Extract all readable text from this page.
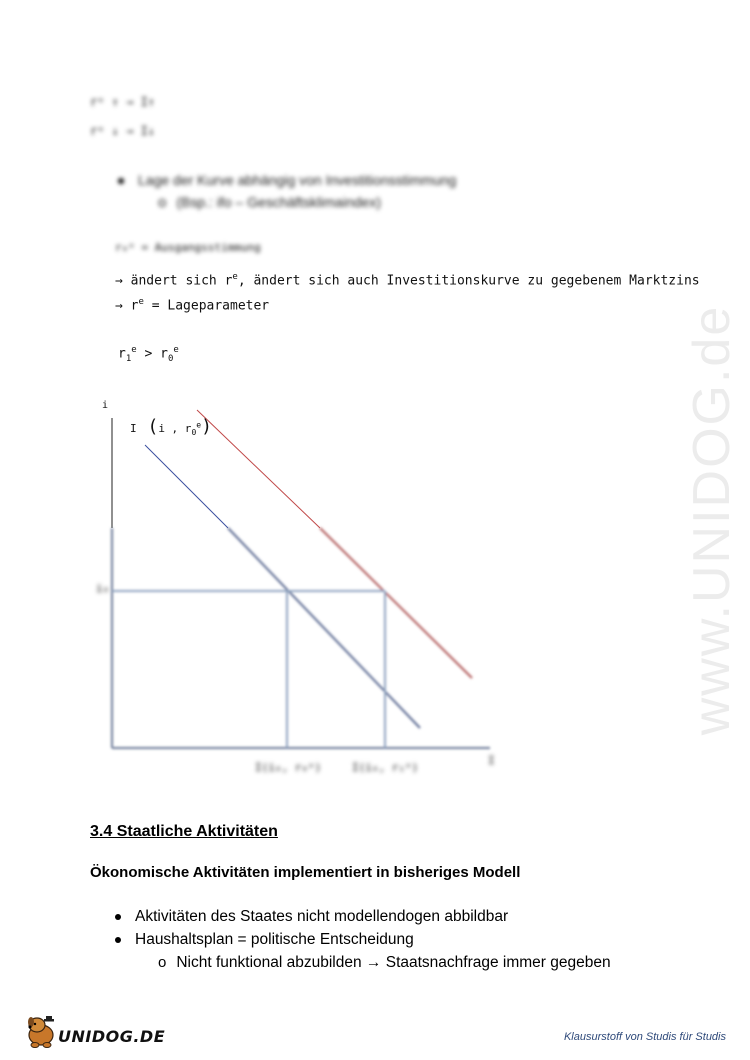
www.UNIDOG.de
rᵉ ↑ → I↑
rᵉ ↓ → I↓
Lage der Kurve abhängig von Investitionsstimmung
o (Bsp.: ifo – Geschäftsklimaindex)
r₀ᵉ = Ausgangsstimmung
→ ändert sich $r^e$, ändert sich auch Investitionskurve zu gegebenem Marktzins
→ $r^e$ = Lageparameter
$r_1^e > r_0^e$
i
I (i , $r_0^e$)
i₀
I(i₀, r₀ᵉ)	I(i₀, r₁ᵉ)
I
3.4 Staatliche Aktivitäten
Ökonomische Aktivitäten implementiert in bisheriges Modell
Aktivitäten des Staates nicht modellendogen abbildbar
Haushaltsplan = politische Entscheidung
o Nicht funktional abzubilden → Staatsnachfrage immer gegeben
UNIDOG.DE	Klausurstoff von Studis für Studis
